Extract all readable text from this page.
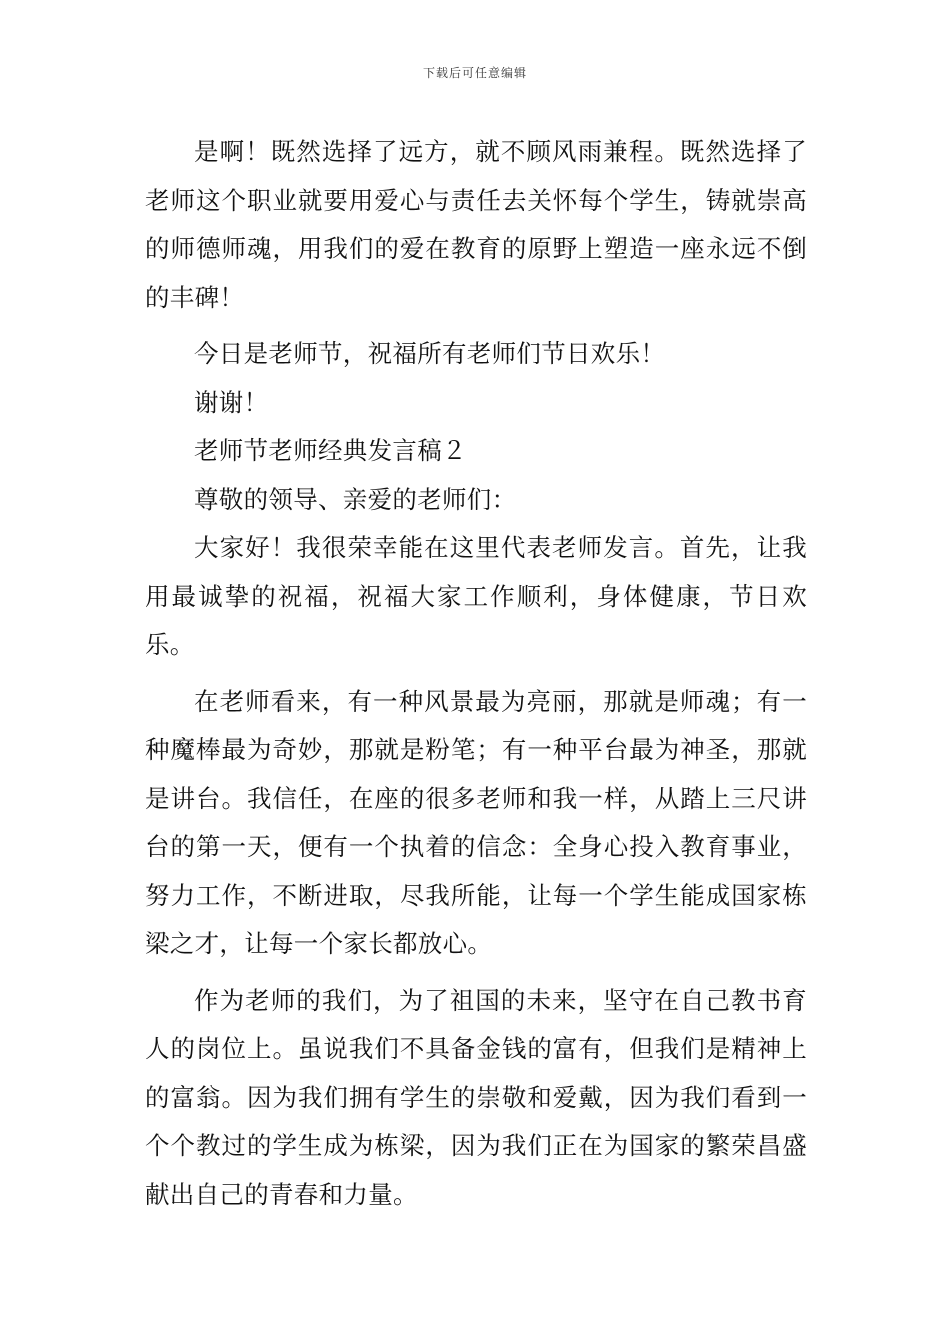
下载后可任意编辑

是啊！既然选择了远方，就不顾风雨兼程。既然选择了老师这个职业就要用爱心与责任去关怀每个学生，铸就崇高的师德师魂，用我们的爱在教育的原野上塑造一座永远不倒的丰碑！

今日是老师节，祝福所有老师们节日欢乐！

谢谢！

老师节老师经典发言稿２

尊敬的领导、亲爱的老师们：

大家好！我很荣幸能在这里代表老师发言。首先，让我用最诚挚的祝福，祝福大家工作顺利，身体健康，节日欢乐。

在老师看来，有一种风景最为亮丽，那就是师魂；有一种魔棒最为奇妙，那就是粉笔；有一种平台最为神圣，那就是讲台。我信任，在座的很多老师和我一样，从踏上三尺讲台的第一天，便有一个执着的信念：全身心投入教育事业，努力工作，不断进取，尽我所能，让每一个学生能成国家栋梁之才，让每一个家长都放心。

作为老师的我们，为了祖国的未来，坚守在自己教书育人的岗位上。虽说我们不具备金钱的富有，但我们是精神上的富翁。因为我们拥有学生的崇敬和爱戴，因为我们看到一个个教过的学生成为栋梁，因为我们正在为国家的繁荣昌盛献出自己的青春和力量。
